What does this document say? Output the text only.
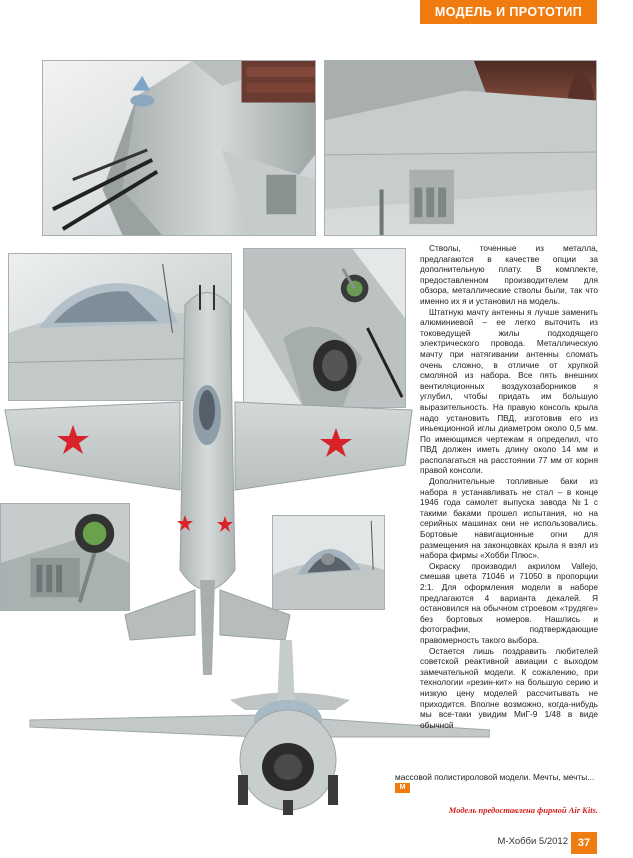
МОДЕЛЬ И ПРОТОТИП

Стволы, точенные из металла, предлагаются в качестве опции за дополнительную плату. В комплекте, предоставленном производителем для обзора, металлические стволы были, так что именно их я и установил на модель.

Штатную мачту антенны я лучше заменить алюминиевой – ее легко выточить из токоведущей жилы подходящего электрического провода. Металлическую мачту при натягивании антенны сломать очень сложно, в отличие от хрупкой смоляной из набора. Все пять внешних вентиляционных воздухозаборников я углубил, чтобы придать им большую выразительность. На правую консоль крыла надо установить ПВД, изготовив его из иньекционной иглы диаметром около 0,5 мм. По имеющимся чертежам я определил, что ПВД должен иметь длину около 14 мм и располагаться на расстоянии 77 мм от корня правой консоли.

Дополнительные топливные баки из набора я устанавливать не стал – в конце 1946 года самолет выпуска завода №1 с такими баками прошел испытания, но на серийных машинах они не использовались. Бортовые навигационные огни для размещения на законцовках крыла я взял из набора фирмы «Хобби Плюс».

Окраску производил акрилом Vallejo, смешав цвета 71046 и 71050 в пропорции 2:1. Для оформления модели в наборе предлагаются 4 варианта декалей. Я остановился на обычном строевом «трудяге» без бортовых номеров. Нашлись и фотографии, подтверждающие правомерность такого выбора.

Остается лишь поздравить любителей советской реактивной авиации с выходом замечательной модели. К сожалению, при технологии «резин-кит» на большую серию и низкую цену моделей рассчитывать не приходится. Вполне возможно, когда-нибудь мы все-таки увидим МиГ-9 1/48 в виде обычной

массовой полистироловой модели. Мечты, мечты... M
Модель предоставлена фирмой Air Kits.
М-Хобби 5/2012 37
